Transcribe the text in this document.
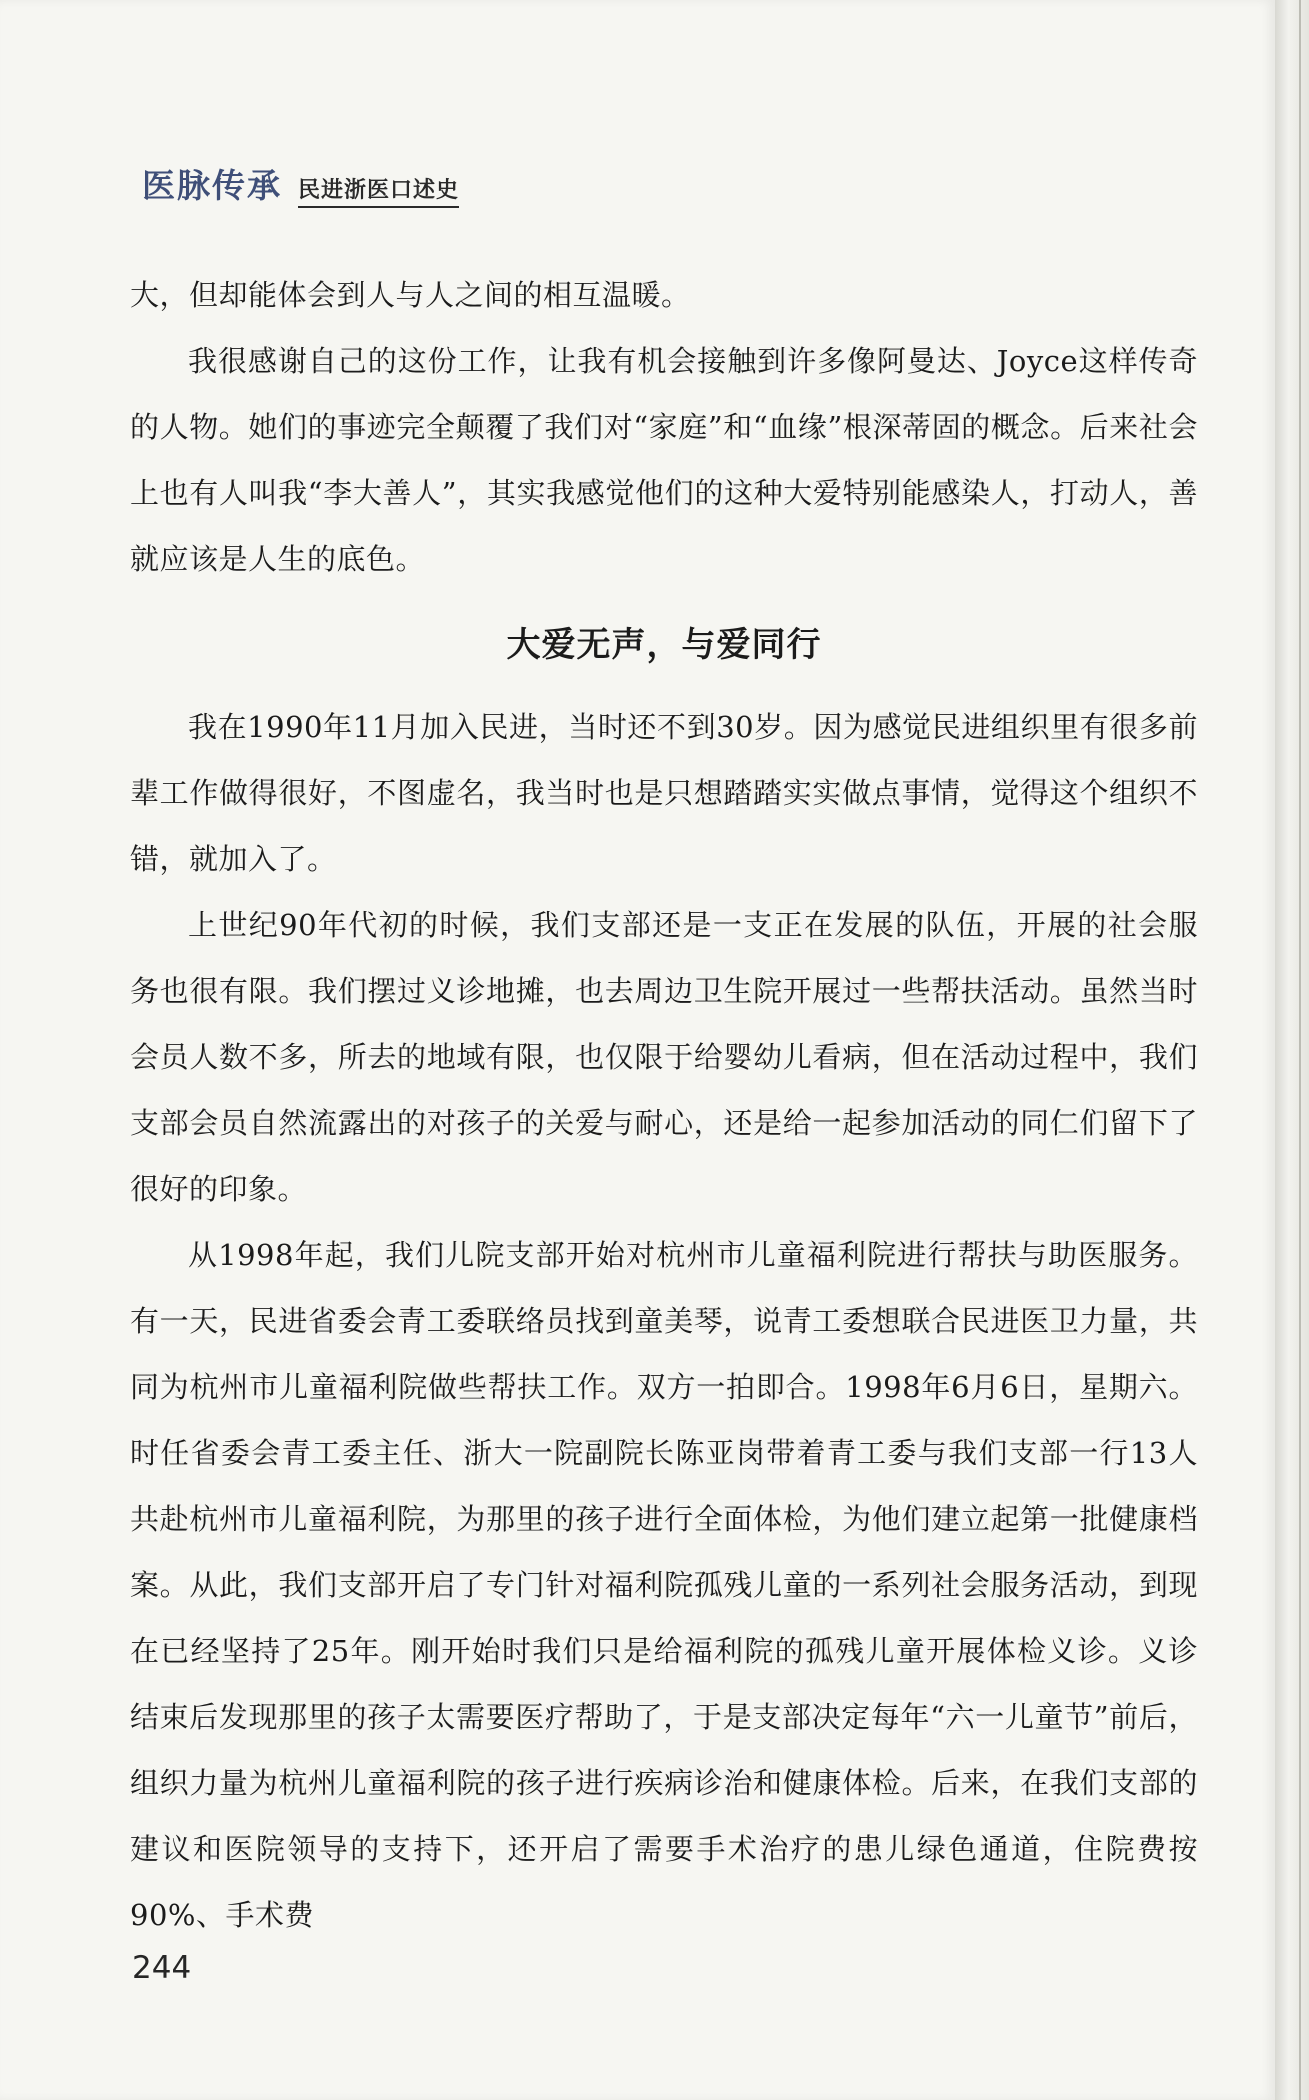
医脉传承 民进浙医口述史

大，但却能体会到人与人之间的相互温暖。

我很感谢自己的这份工作，让我有机会接触到许多像阿曼达、Joyce这样传奇的人物。她们的事迹完全颠覆了我们对“家庭”和“血缘”根深蒂固的概念。后来社会上也有人叫我“李大善人”，其实我感觉他们的这种大爱特别能感染人，打动人，善就应该是人生的底色。

大爱无声，与爱同行

我在1990年11月加入民进，当时还不到30岁。因为感觉民进组织里有很多前辈工作做得很好，不图虚名，我当时也是只想踏踏实实做点事情，觉得这个组织不错，就加入了。

上世纪90年代初的时候，我们支部还是一支正在发展的队伍，开展的社会服务也很有限。我们摆过义诊地摊，也去周边卫生院开展过一些帮扶活动。虽然当时会员人数不多，所去的地域有限，也仅限于给婴幼儿看病，但在活动过程中，我们支部会员自然流露出的对孩子的关爱与耐心，还是给一起参加活动的同仁们留下了很好的印象。

从1998年起，我们儿院支部开始对杭州市儿童福利院进行帮扶与助医服务。有一天，民进省委会青工委联络员找到童美琴，说青工委想联合民进医卫力量，共同为杭州市儿童福利院做些帮扶工作。双方一拍即合。1998年6月6日，星期六。时任省委会青工委主任、浙大一院副院长陈亚岗带着青工委与我们支部一行13人共赴杭州市儿童福利院，为那里的孩子进行全面体检，为他们建立起第一批健康档案。从此，我们支部开启了专门针对福利院孤残儿童的一系列社会服务活动，到现在已经坚持了25年。刚开始时我们只是给福利院的孤残儿童开展体检义诊。义诊结束后发现那里的孩子太需要医疗帮助了，于是支部决定每年“六一儿童节”前后，组织力量为杭州儿童福利院的孩子进行疾病诊治和健康体检。后来，在我们支部的建议和医院领导的支持下，还开启了需要手术治疗的患儿绿色通道，住院费按90%、手术费

244
